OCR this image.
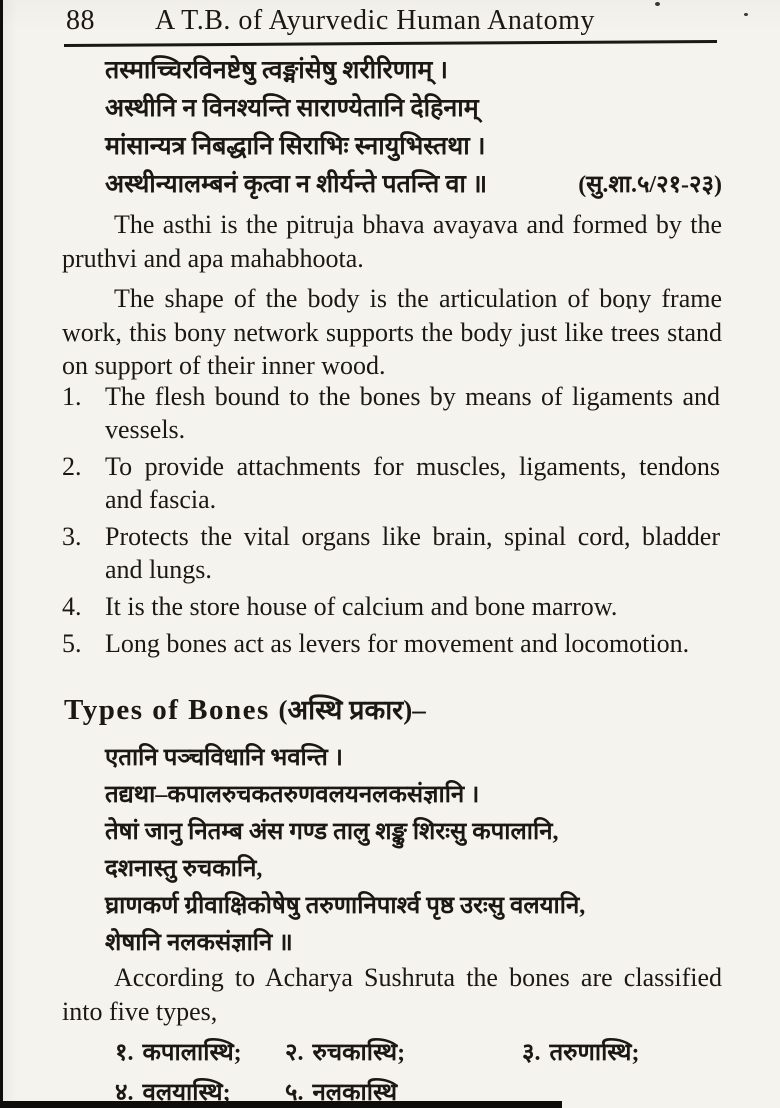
88 A T.B. of Ayurvedic Human Anatomy
तस्माच्चिरविनष्टेषु त्वङ्मांसेषु शरीरिणाम् ।
अस्थीनि न विनश्यन्ति साराण्येतानि देहिनाम्
मांसान्यत्र निबद्धानि सिराभिः स्नायुभिस्तथा ।
अस्थीन्यालम्बनं कृत्वा न शीर्यन्ते पतन्ति वा ॥	(सु.शा.५/२१-२३)

The asthi is the pitruja bhava avayava and formed by the pruthvi and apa mahabhoota.

The shape of the body is the articulation of bony frame work, this bony network supports the body just like trees stand on support of their inner wood.

1. The flesh bound to the bones by means of ligaments and vessels.
2. To provide attachments for muscles, ligaments, tendons and fascia.
3. Protects the vital organs like brain, spinal cord, bladder and lungs.
4. It is the store house of calcium and bone marrow.
5. Long bones act as levers for movement and locomotion.
Types of Bones (अस्थि प्रकार)–
एतानि पञ्चविधानि भवन्ति ।
तद्यथा–कपालरुचकतरुणवलयनलकसंज्ञानि ।
तेषां जानु नितम्ब अंस गण्ड तालु शङ्कु शिरःसु कपालानि,
दशनास्तु रुचकानि,
घ्राणकर्ण ग्रीवाक्षिकोषेषु तरुणानिपार्श्व पृष्ठ उरःसु वलयानि,
शेषानि नलकसंज्ञानि ॥

According to Acharya Sushruta the bones are classified into five types,

१. कपालास्थि;	२. रुचकास्थि;	३. तरुणास्थि;
४. वलयास्थि;	५. नलकास्थि
